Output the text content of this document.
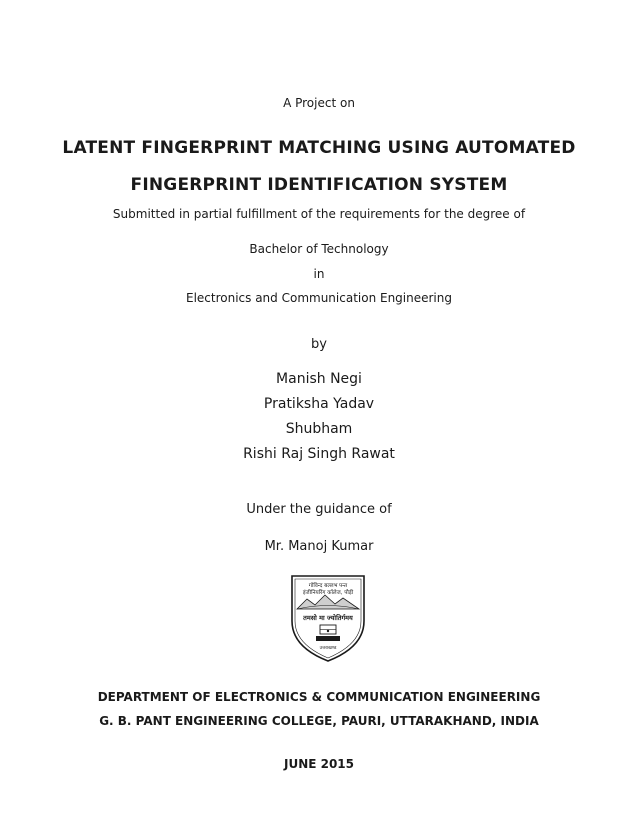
A Project on
LATENT FINGERPRINT MATCHING USING AUTOMATED
FINGERPRINT IDENTIFICATION SYSTEM
Submitted in partial fulfillment of the requirements for the degree of
Bachelor of Technology
in
Electronics and Communication Engineering
by
Manish Negi
Pratiksha Yadav
Shubham
Rishi Raj Singh Rawat
Under the guidance of
Mr. Manoj Kumar
गोविन्द बल्लभ पन्त
इंजीनियरिंग कॉलेज, पौड़ी
तमसो मा ज्योतिर्गमय
उत्तराखण्ड
DEPARTMENT OF ELECTRONICS & COMMUNICATION ENGINEERING
G. B. PANT ENGINEERING COLLEGE, PAURI, UTTARAKHAND, INDIA
JUNE 2015
